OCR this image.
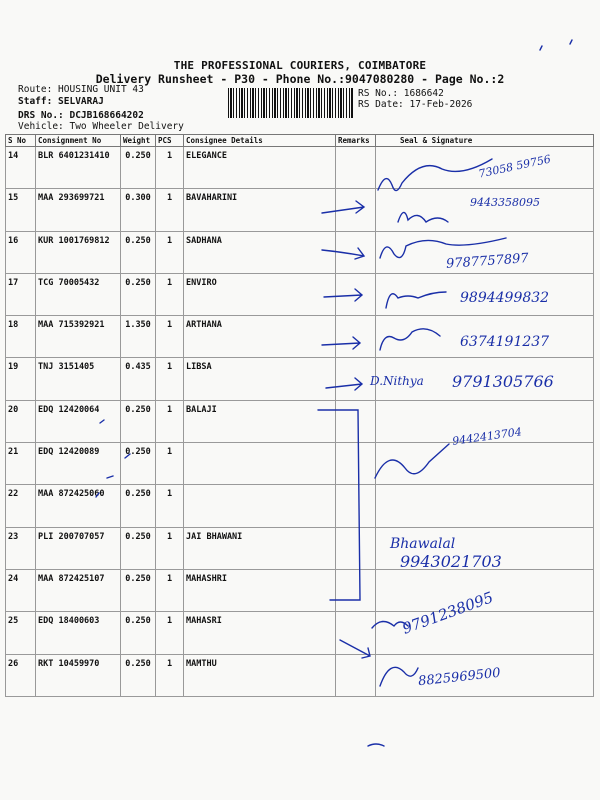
THE PROFESSIONAL COURIERS, COIMBATORE
Delivery Runsheet - P30 - Phone No.:9047080280 - Page No.:2
Route: HOUSING UNIT 43
Staff: SELVARAJ
DRS No.: DCJB168664202
Vehicle: Two Wheeler Delivery
RS No.: 1686642
RS Date: 17-Feb-2026
S No	Consignment No	Weight	PCS	Consignee Details	Remarks	Seal & Signature
14	BLR 6401231410	0.250	1	ELEGANCE		
15	MAA 293699721	0.300	1	BAVAHARINI		
16	KUR 1001769812	0.250	1	SADHANA		
17	TCG 70005432	0.250	1	ENVIRO		
18	MAA 715392921	1.350	1	ARTHANA		
19	TNJ 3151405	0.435	1	LIBSA		
20	EDQ 12420064	0.250	1	BALAJI		
21	EDQ 12420089	0.250	1			
22	MAA 872425060	0.250	1			
23	PLI 200707057	0.250	1	JAI BHAWANI		
24	MAA 872425107	0.250	1	MAHASHRI		
25	EDQ 18400603	0.250	1	MAHASRI		
26	RKT 10459970	0.250	1	MAMTHU		
73058 59756
9443358095
9787757897
9894499832
6374191237
D.Nithya 9791305766
9442413704
Bhawalal
9943021703
9791238095
8825969500
